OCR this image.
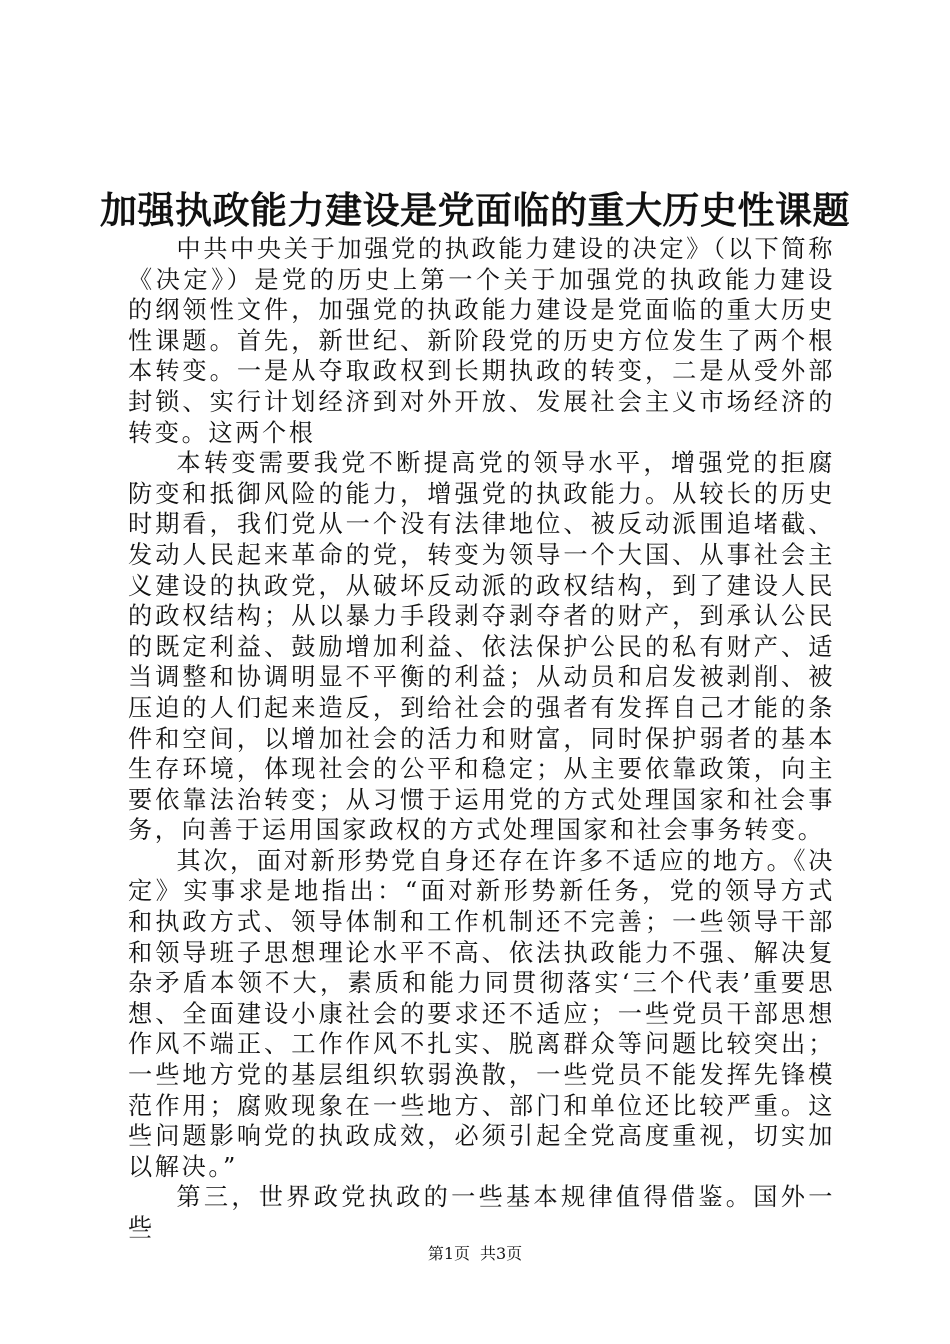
加强执政能力建设是党面临的重大历史性课题

中共中央关于加强党的执政能力建设的决定》（以下简称《决定》）是党的历史上第一个关于加强党的执政能力建设的纲领性文件，加强党的执政能力建设是党面临的重大历史性课题。首先，新世纪、新阶段党的历史方位发生了两个根本转变。一是从夺取政权到长期执政的转变，二是从受外部封锁、实行计划经济到对外开放、发展社会主义市场经济的转变。这两个根

本转变需要我党不断提高党的领导水平，增强党的拒腐防变和抵御风险的能力，增强党的执政能力。从较长的历史时期看，我们党从一个没有法律地位、被反动派围追堵截、发动人民起来革命的党，转变为领导一个大国、从事社会主义建设的执政党，从破坏反动派的政权结构，到了建设人民的政权结构；从以暴力手段剥夺剥夺者的财产，到承认公民的既定利益、鼓励增加利益、依法保护公民的私有财产、适当调整和协调明显不平衡的利益；从动员和启发被剥削、被压迫的人们起来造反，到给社会的强者有发挥自己才能的条件和空间，以增加社会的活力和财富，同时保护弱者的基本生存环境，体现社会的公平和稳定；从主要依靠政策，向主要依靠法治转变；从习惯于运用党的方式处理国家和社会事务，向善于运用国家政权的方式处理国家和社会事务转变。

其次，面对新形势党自身还存在许多不适应的地方。《决定》实事求是地指出：“面对新形势新任务，党的领导方式和执政方式、领导体制和工作机制还不完善；一些领导干部和领导班子思想理论水平不高、依法执政能力不强、解决复杂矛盾本领不大，素质和能力同贯彻落实‘三个代表’重要思想、全面建设小康社会的要求还不适应；一些党员干部思想作风不端正、工作作风不扎实、脱离群众等问题比较突出；一些地方党的基层组织软弱涣散，一些党员不能发挥先锋模范作用；腐败现象在一些地方、部门和单位还比较严重。这些问题影响党的执政成效，必须引起全党高度重视，切实加以解决。”

第三，世界政党执政的一些基本规律值得借鉴。国外一些

第1页 共3页
